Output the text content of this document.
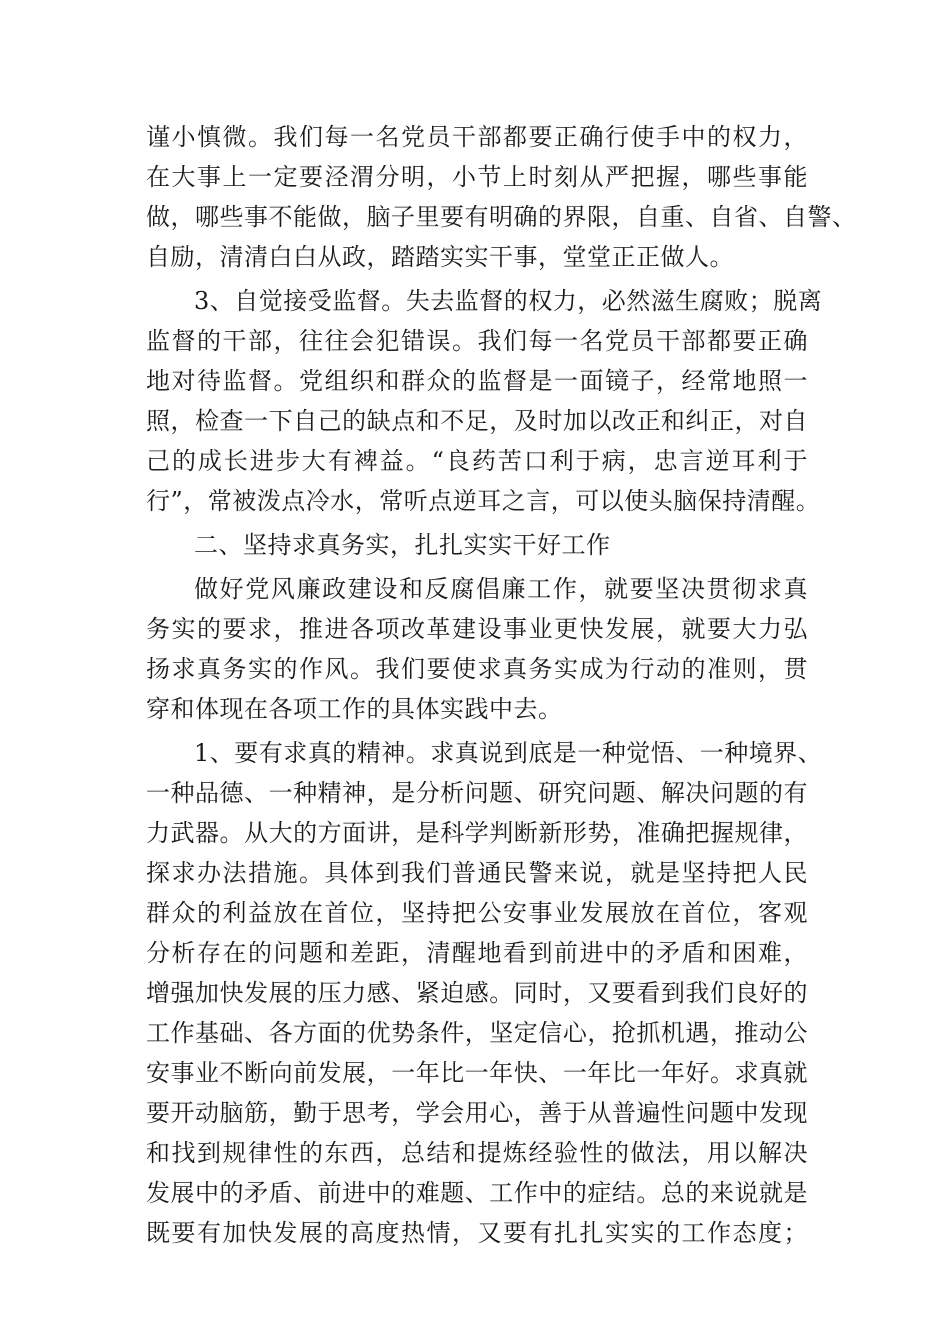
谨小慎微。我们每一名党员干部都要正确行使手中的权力，
在大事上一定要泾渭分明，小节上时刻从严把握，哪些事能
做，哪些事不能做，脑子里要有明确的界限，自重、自省、自警、
自励，清清白白从政，踏踏实实干事，堂堂正正做人。
3、自觉接受监督。失去监督的权力，必然滋生腐败；脱离
监督的干部，往往会犯错误。我们每一名党员干部都要正确
地对待监督。党组织和群众的监督是一面镜子，经常地照一
照，检查一下自己的缺点和不足，及时加以改正和纠正，对自
己的成长进步大有裨益。“良药苦口利于病，忠言逆耳利于
行”，常被泼点冷水，常听点逆耳之言，可以使头脑保持清醒。
二、坚持求真务实，扎扎实实干好工作
做好党风廉政建设和反腐倡廉工作，就要坚决贯彻求真
务实的要求，推进各项改革建设事业更快发展，就要大力弘
扬求真务实的作风。我们要使求真务实成为行动的准则，贯
穿和体现在各项工作的具体实践中去。
1、要有求真的精神。求真说到底是一种觉悟、一种境界、
一种品德、一种精神，是分析问题、研究问题、解决问题的有
力武器。从大的方面讲，是科学判断新形势，准确把握规律，
探求办法措施。具体到我们普通民警来说，就是坚持把人民
群众的利益放在首位，坚持把公安事业发展放在首位，客观
分析存在的问题和差距，清醒地看到前进中的矛盾和困难，
增强加快发展的压力感、紧迫感。同时，又要看到我们良好的
工作基础、各方面的优势条件，坚定信心，抢抓机遇，推动公
安事业不断向前发展，一年比一年快、一年比一年好。求真就
要开动脑筋，勤于思考，学会用心，善于从普遍性问题中发现
和找到规律性的东西，总结和提炼经验性的做法，用以解决
发展中的矛盾、前进中的难题、工作中的症结。总的来说就是
既要有加快发展的高度热情，又要有扎扎实实的工作态度；
